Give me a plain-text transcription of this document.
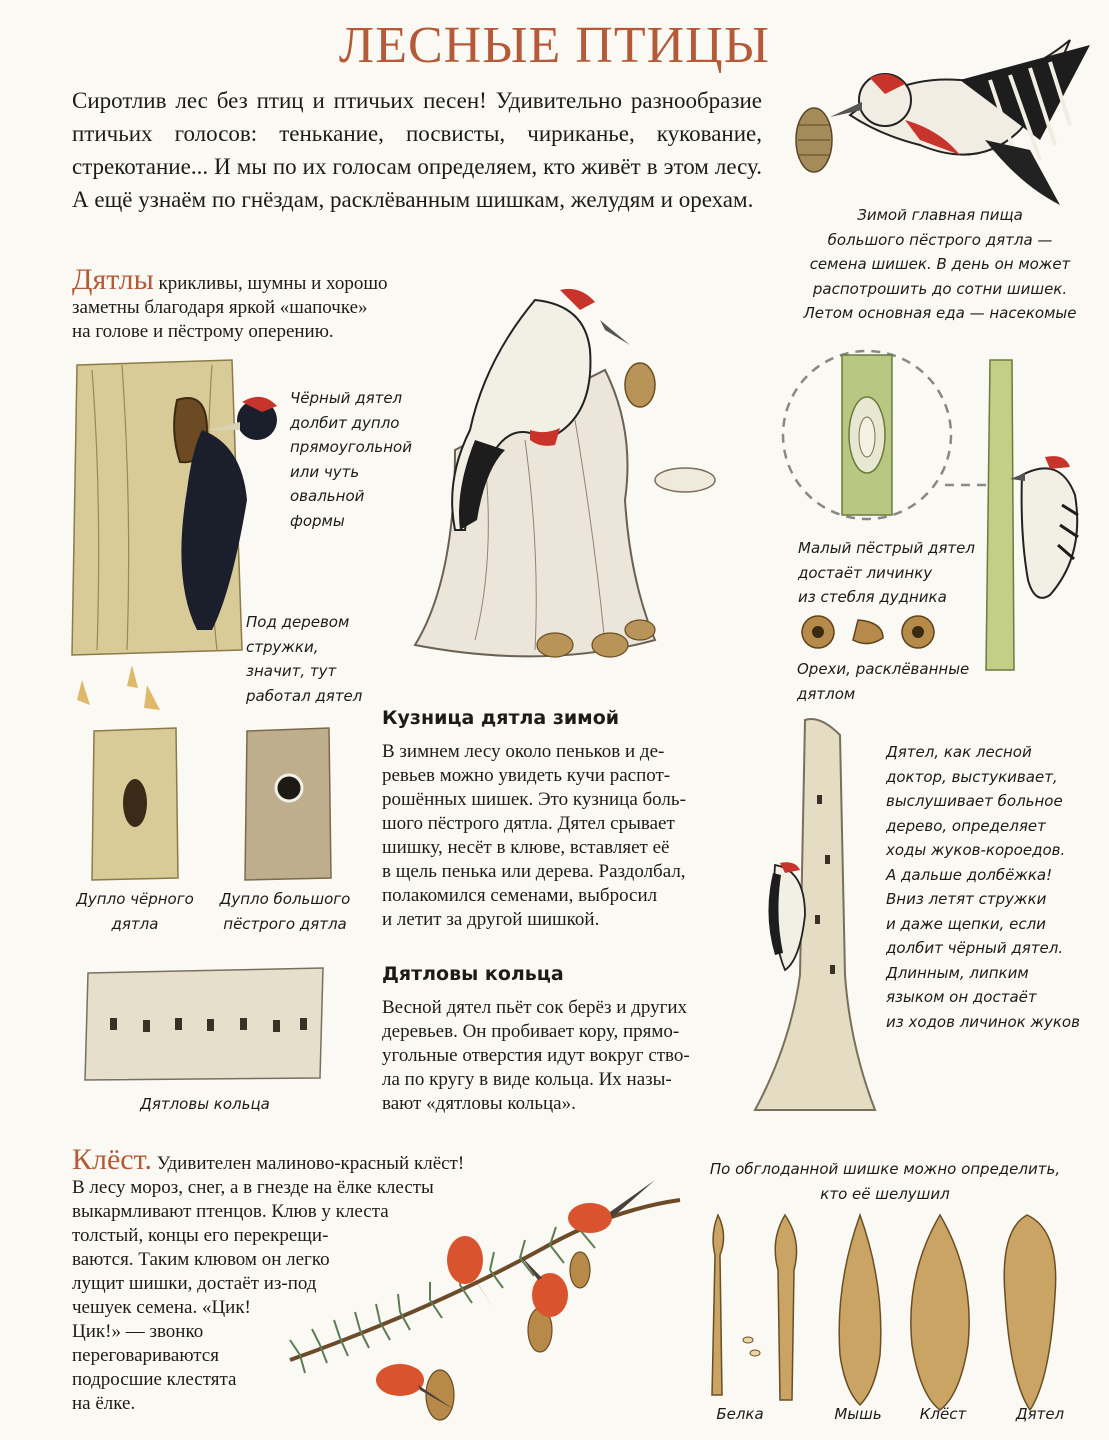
ЛЕСНЫЕ ПТИЦЫ
Сиротлив лес без птиц и птичьих песен! Удивительно разнообразие птичьих голосов: тенькание, посвисты, чириканье, кукование, стрекотание... И мы по их голосам определяем, кто живёт в этом лесу. А ещё узнаём по гнёздам, расклёванным шишкам, желудям и орехам.
Зимой главная пища
большого пёстрого дятла —
семена шишек. В день он может
распотрошить до сотни шишек.
Летом основная еда — насекомые
Дятлы крикливы, шумны и хорошо
заметны благодаря яркой «шапочке»
на голове и пёстрому оперению.
Чёрный дятел
долбит дупло
прямоугольной
или чуть
овальной
формы
Под деревом
стружки,
значит, тут
работал дятел
Малый пёстрый дятел
достаёт личинку
из стебля дудника
Орехи, расклёванные
дятлом
Дупло чёрного
дятла
Дупло большого
пёстрого дятла
Кузница дятла зимой
В зимнем лесу около пеньков и де-
ревьев можно увидеть кучи распот-
рошённых шишек. Это кузница боль-
шого пёстрого дятла. Дятел срывает
шишку, несёт в клюве, вставляет её
в щель пенька или дерева. Раздолбал,
полакомился семенами, выбросил
и летит за другой шишкой.
Дятловы кольца
Дятловы кольца
Весной дятел пьёт сок берёз и других
деревьев. Он пробивает кору, прямо-
угольные отверстия идут вокруг ство-
ла по кругу в виде кольца. Их назы-
вают «дятловы кольца».
Дятел, как лесной
доктор, выстукивает,
выслушивает больное
дерево, определяет
ходы жуков-короедов.
А дальше долбёжка!
Вниз летят стружки
и даже щепки, если
долбит чёрный дятел.
Длинным, липким
языком он достаёт
из ходов личинок жуков
Клёст. Удивителен малиново-красный клёст!
В лесу мороз, снег, а в гнезде на ёлке клесты
выкармливают птенцов. Клюв у клеста
толстый, концы его перекрещи-
ваются. Таким клювом он легко
лущит шишки, достаёт из-под
чешуек семена. «Цик!
Цик!» — звонко
переговариваются
подросшие клестята
на ёлке.
По обглоданной шишке можно определить,
кто её шелушил
Белка	Мышь	Клёст	Дятел
